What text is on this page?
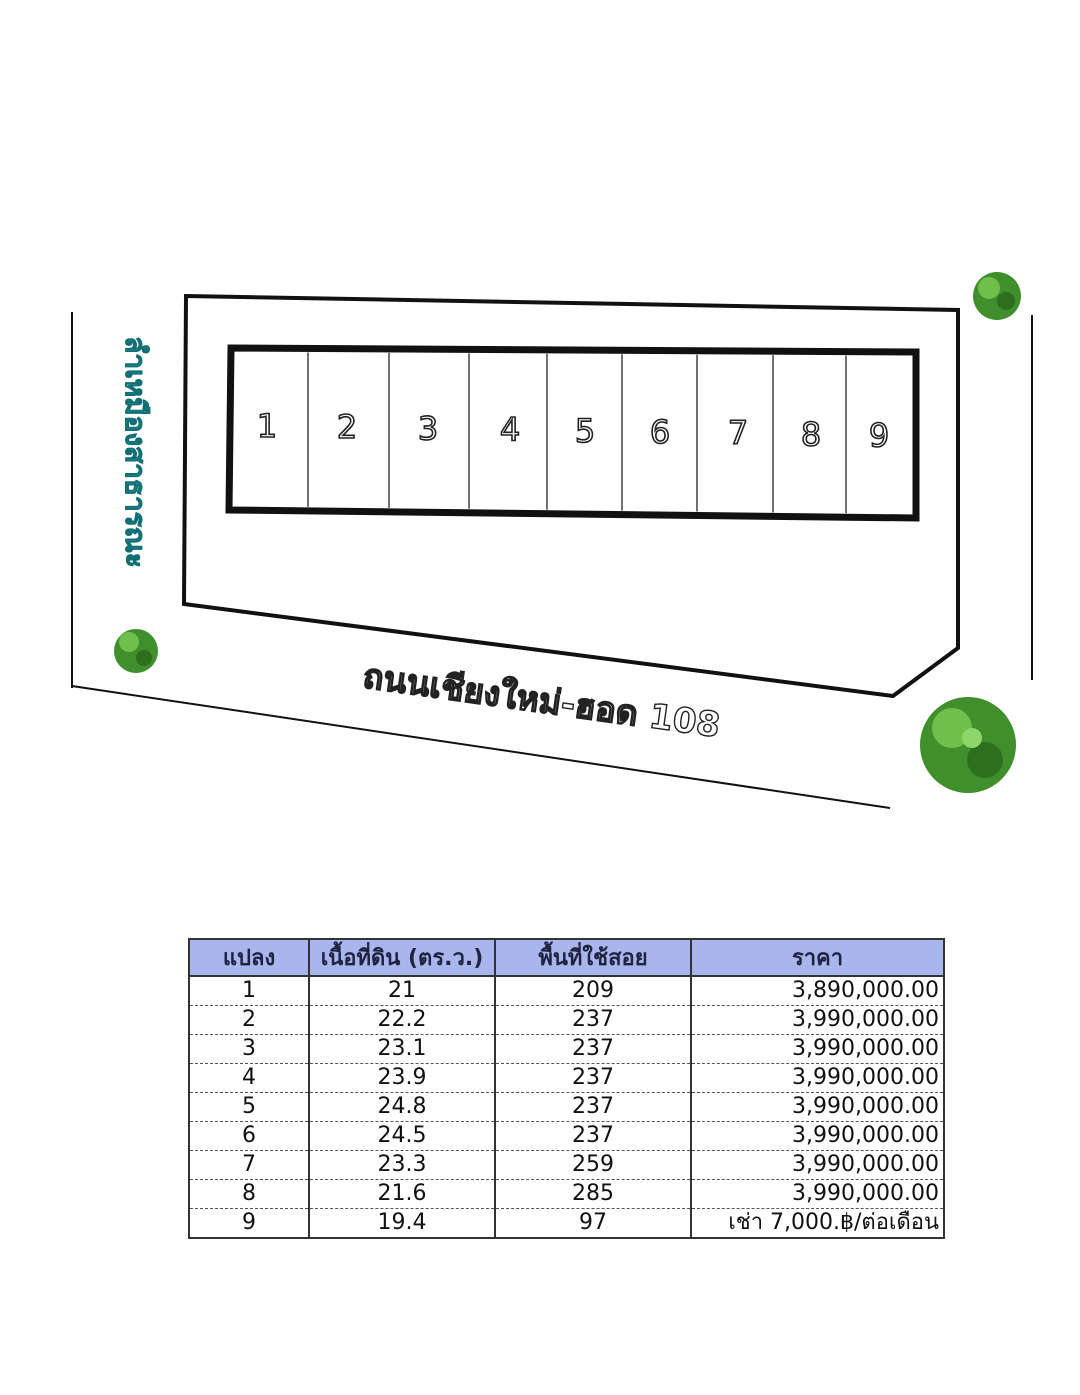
1 2 3 4 5 6 7 8 9
ถนนเชียงใหม่-ฮอด 108
ลำเหมืองสาธารณะ
แปลง	เนื้อที่ดิน (ตร.ว.)	พื้นที่ใช้สอย	ราคา
1	21	209	3,890,000.00
2	22.2	237	3,990,000.00
3	23.1	237	3,990,000.00
4	23.9	237	3,990,000.00
5	24.8	237	3,990,000.00
6	24.5	237	3,990,000.00
7	23.3	259	3,990,000.00
8	21.6	285	3,990,000.00
9	19.4	97	เช่า 7,000.฿/ต่อเดือน
